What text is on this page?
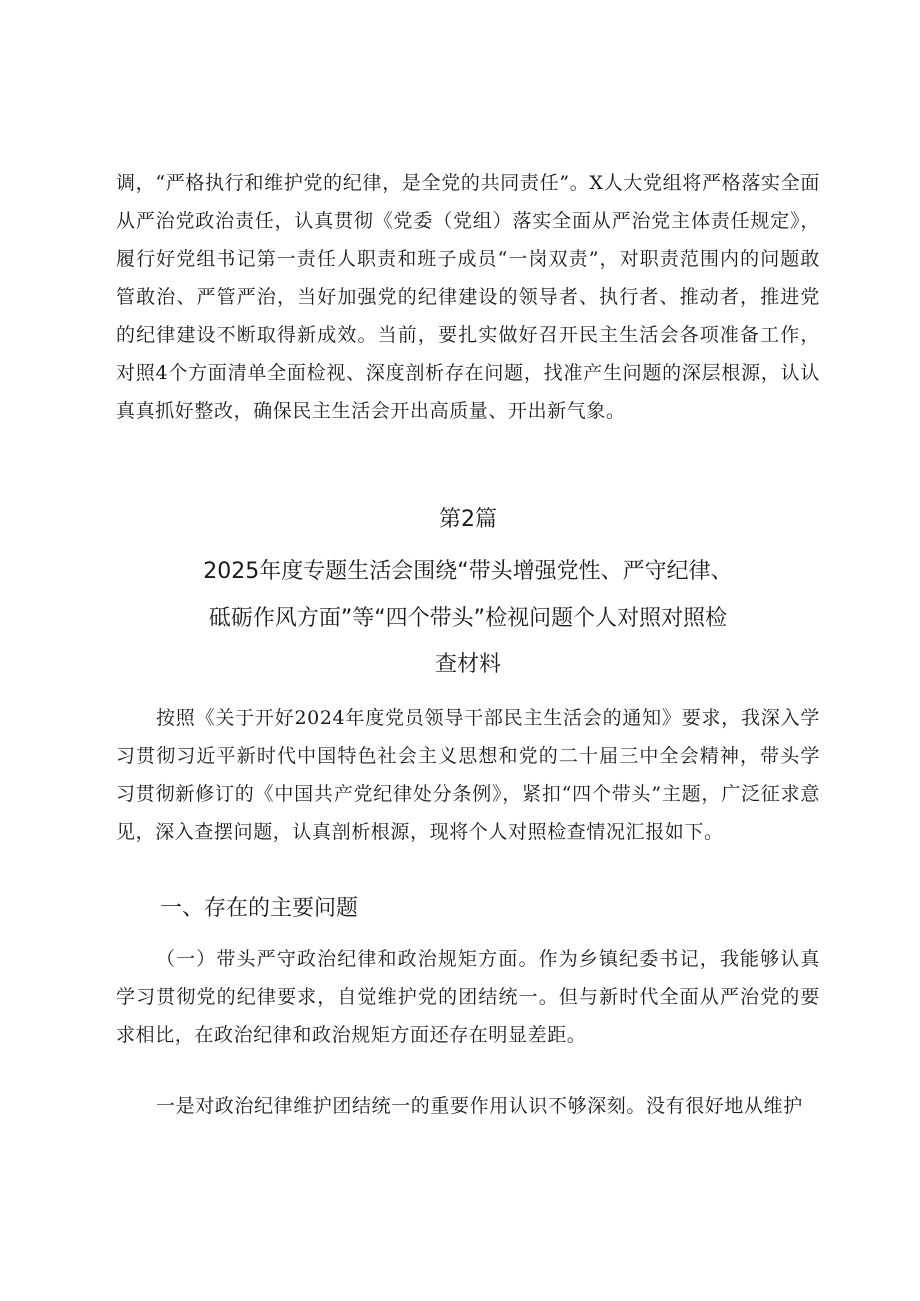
调，“严格执行和维护党的纪律，是全党的共同责任”。X人大党组将严格落实全面从严治党政治责任，认真贯彻《党委（党组）落实全面从严治党主体责任规定》，履行好党组书记第一责任人职责和班子成员“一岗双责”，对职责范围内的问题敢管敢治、严管严治，当好加强党的纪律建设的领导者、执行者、推动者，推进党的纪律建设不断取得新成效。当前，要扎实做好召开民主生活会各项准备工作，对照4个方面清单全面检视、深度剖析存在问题，找准产生问题的深层根源，认认真真抓好整改，确保民主生活会开出高质量、开出新气象。

第2篇
2025年度专题生活会围绕“带头增强党性、严守纪律、
砥砺作风方面”等“四个带头”检视问题个人对照对照检
查材料

按照《关于开好2024年度党员领导干部民主生活会的通知》要求，我深入学习贯彻习近平新时代中国特色社会主义思想和党的二十届三中全会精神，带头学习贯彻新修订的《中国共产党纪律处分条例》，紧扣“四个带头”主题，广泛征求意见，深入查摆问题，认真剖析根源，现将个人对照检查情况汇报如下。

一、存在的主要问题

（一）带头严守政治纪律和政治规矩方面。作为乡镇纪委书记，我能够认真学习贯彻党的纪律要求，自觉维护党的团结统一。但与新时代全面从严治党的要求相比，在政治纪律和政治规矩方面还存在明显差距。

一是对政治纪律维护团结统一的重要作用认识不够深刻。没有很好地从维护
